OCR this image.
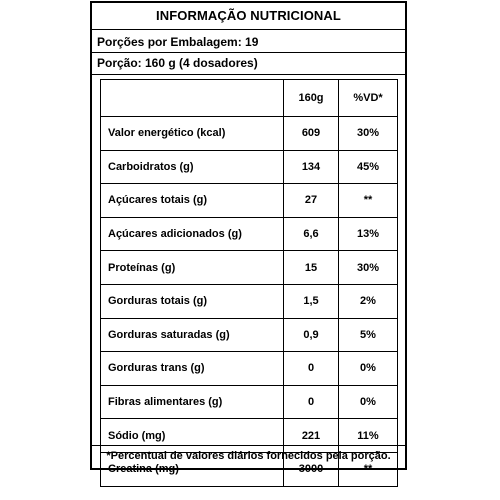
INFORMAÇÃO NUTRICIONAL
Porções por Embalagem: 19
Porção: 160 g (4 dosadores)
	160g	%VD*
Valor energético (kcal)	609	30%
Carboidratos (g)	134	45%
Açúcares totais (g)	27	**
Açúcares adicionados (g)	6,6	13%
Proteínas (g)	15	30%
Gorduras totais (g)	1,5	2%
Gorduras saturadas (g)	0,9	5%
Gorduras trans (g)	0	0%
Fibras alimentares (g)	0	0%
Sódio (mg)	221	11%
Creatina (mg)	3000	**
*Percentual de valores diários fornecidos pela porção.
